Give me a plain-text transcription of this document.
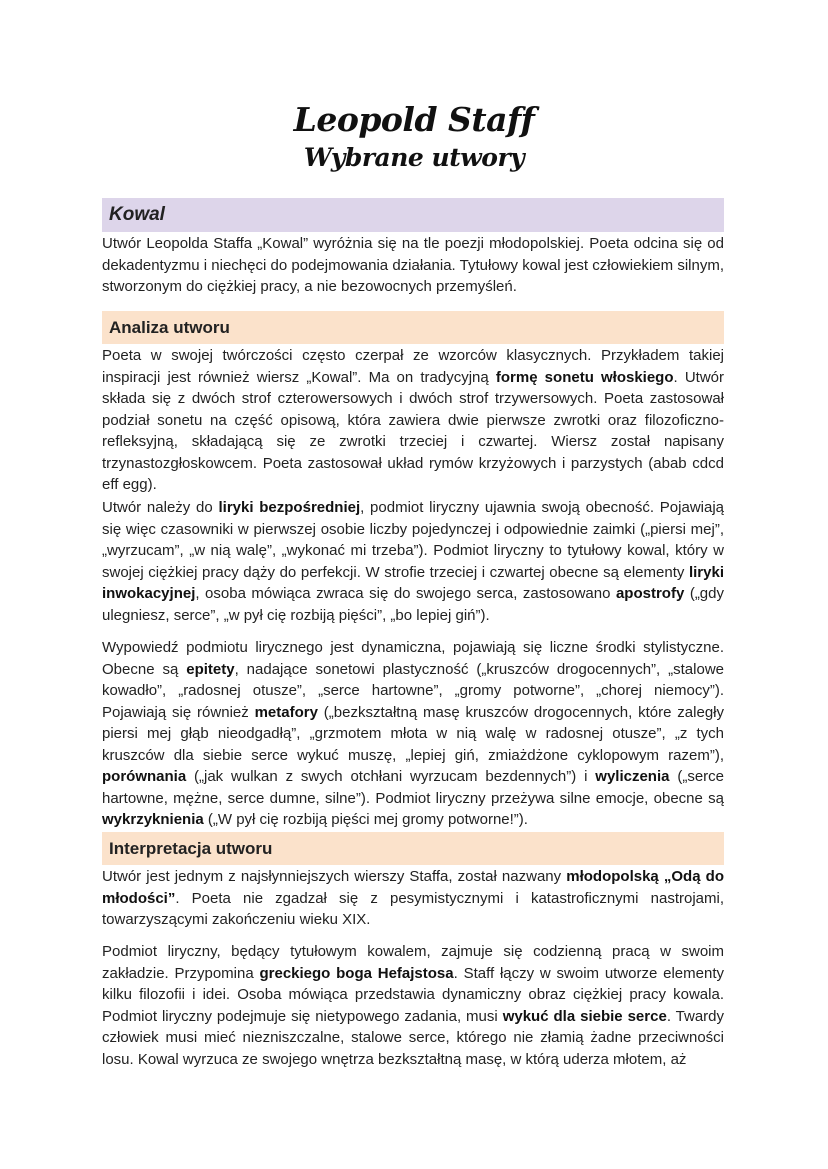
Leopold Staff
Wybrane utwory
Kowal

Utwór Leopolda Staffa „Kowal” wyróżnia się na tle poezji młodopolskiej. Poeta odcina się od dekadentyzmu i niechęci do podejmowania działania. Tytułowy kowal jest człowiekiem silnym, stworzonym do ciężkiej pracy, a nie bezowocnych przemyśleń.

Analiza utworu

Poeta w swojej twórczości często czerpał ze wzorców klasycznych. Przykładem takiej inspiracji jest również wiersz „Kowal”. Ma on tradycyjną formę sonetu włoskiego. Utwór składa się z dwóch strof czterowersowych i dwóch strof trzywersowych. Poeta zastosował podział sonetu na część opisową, która zawiera dwie pierwsze zwrotki oraz filozoficzno-refleksyjną, składającą się ze zwrotki trzeciej i czwartej. Wiersz został napisany trzynastozgłoskowcem. Poeta zastosował układ rymów krzyżowych i parzystych (abab cdcd eff egg).

Utwór należy do liryki bezpośredniej, podmiot liryczny ujawnia swoją obecność. Pojawiają się więc czasowniki w pierwszej osobie liczby pojedynczej i odpowiednie zaimki („piersi mej”, „wyrzucam”, „w nią walę”, „wykonać mi trzeba”). Podmiot liryczny to tytułowy kowal, który w swojej ciężkiej pracy dąży do perfekcji. W strofie trzeciej i czwartej obecne są elementy liryki inwokacyjnej, osoba mówiąca zwraca się do swojego serca, zastosowano apostrofy („gdy ulegniesz, serce”, „w pył cię rozbiją pięści”, „bo lepiej giń”).

Wypowiedź podmiotu lirycznego jest dynamiczna, pojawiają się liczne środki stylistyczne. Obecne są epitety, nadające sonetowi plastyczność („kruszców drogocennych”, „stalowe kowadło”, „radosnej otusze”, „serce hartowne”, „gromy potworne”, „chorej niemocy”). Pojawiają się również metafory („bezkształtną masę kruszców drogocennych, które zaległy piersi mej głąb nieodgadłą”, „grzmotem młota w nią walę w radosnej otusze”, „z tych kruszców dla siebie serce wykuć muszę, „lepiej giń, zmiażdżone cyklopowym razem”), porównania („jak wulkan z swych otchłani wyrzucam bezdennych”) i wyliczenia („serce hartowne, mężne, serce dumne, silne”). Podmiot liryczny przeżywa silne emocje, obecne są wykrzyknienia („W pył cię rozbiją pięści mej gromy potworne!”).

Interpretacja utworu

Utwór jest jednym z najsłynniejszych wierszy Staffa, został nazwany młodopolską „Odą do młodości”. Poeta nie zgadzał się z pesymistycznymi i katastroficznymi nastrojami, towarzyszącymi zakończeniu wieku XIX.

Podmiot liryczny, będący tytułowym kowalem, zajmuje się codzienną pracą w swoim zakładzie. Przypomina greckiego boga Hefajstosa. Staff łączy w swoim utworze elementy kilku filozofii i idei. Osoba mówiąca przedstawia dynamiczny obraz ciężkiej pracy kowala. Podmiot liryczny podejmuje się nietypowego zadania, musi wykuć dla siebie serce. Twardy człowiek musi mieć niezniszczalne, stalowe serce, którego nie złamią żadne przeciwności losu. Kowal wyrzuca ze swojego wnętrza bezkształtną masę, w którą uderza młotem, aż
